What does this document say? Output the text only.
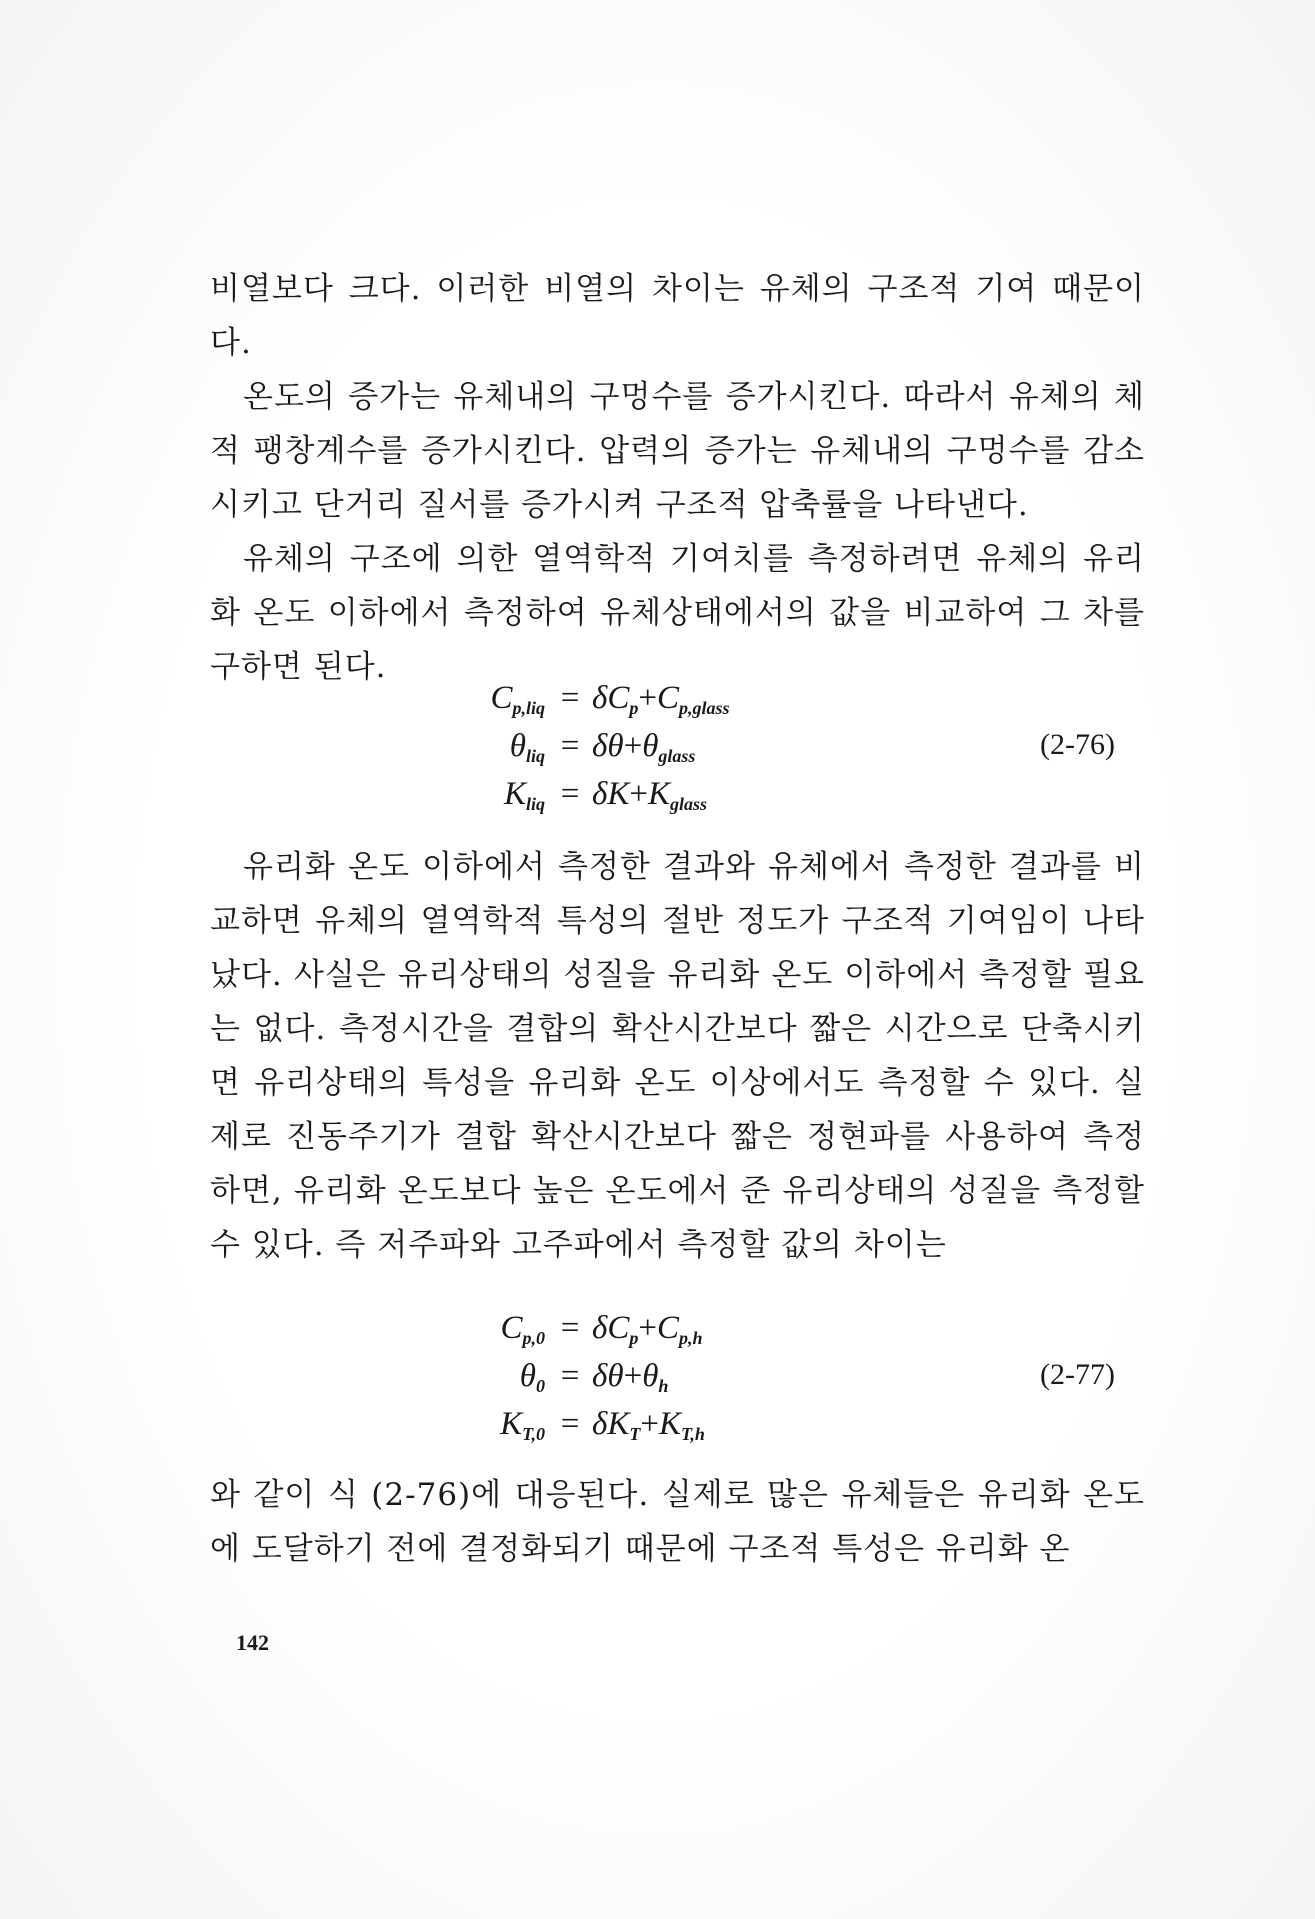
비열보다 크다. 이러한 비열의 차이는 유체의 구조적 기여 때문이다.

온도의 증가는 유체내의 구멍수를 증가시킨다. 따라서 유체의 체적 팽창계수를 증가시킨다. 압력의 증가는 유체내의 구멍수를 감소시키고 단거리 질서를 증가시켜 구조적 압축률을 나타낸다.

유체의 구조에 의한 열역학적 기여치를 측정하려면 유체의 유리화 온도 이하에서 측정하여 유체상태에서의 값을 비교하여 그 차를 구하면 된다.

$C_{p,liq} = \delta C_p+C_{p,glass}$
$\theta_{liq} = \delta\theta+\theta_{glass}$
$K_{liq} = \delta K+K_{glass}$
(2-76)

유리화 온도 이하에서 측정한 결과와 유체에서 측정한 결과를 비교하면 유체의 열역학적 특성의 절반 정도가 구조적 기여임이 나타났다. 사실은 유리상태의 성질을 유리화 온도 이하에서 측정할 필요는 없다. 측정시간을 결합의 확산시간보다 짧은 시간으로 단축시키면 유리상태의 특성을 유리화 온도 이상에서도 측정할 수 있다. 실제로 진동주기가 결합 확산시간보다 짧은 정현파를 사용하여 측정하면, 유리화 온도보다 높은 온도에서 준 유리상태의 성질을 측정할 수 있다. 즉 저주파와 고주파에서 측정할 값의 차이는

$C_{p,0} = \delta C_p+C_{p,h}$
$\theta_0 = \delta\theta+\theta_h$
$K_{T,0} = \delta K_T+K_{T,h}$
(2-77)

와 같이 식 (2-76)에 대응된다. 실제로 많은 유체들은 유리화 온도에 도달하기 전에 결정화되기 때문에 구조적 특성은 유리화 온

142
